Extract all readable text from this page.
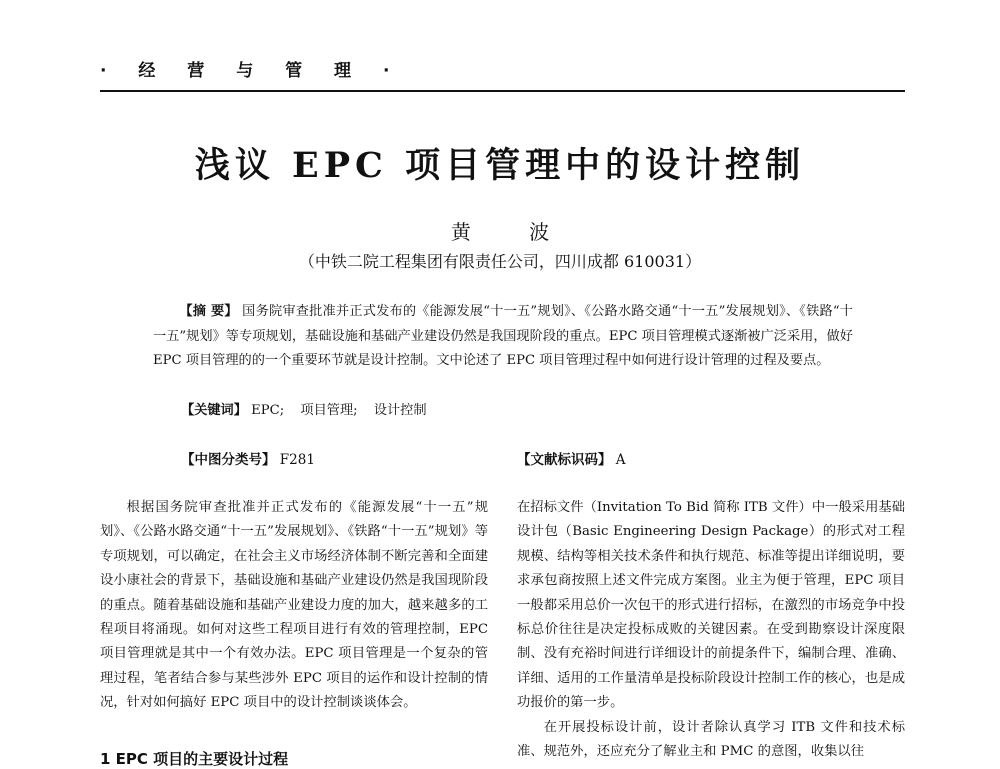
· 经 营 与 管 理 ·
浅议 EPC 项目管理中的设计控制
黄 波
（中铁二院工程集团有限责任公司，四川成都 610031）
【摘 要】 国务院审查批准并正式发布的《能源发展“十一五”规划》、《公路水路交通“十一五”发展规划》、《铁路“十一五”规划》等专项规划，基础设施和基础产业建设仍然是我国现阶段的重点。EPC 项目管理模式逐渐被广泛采用，做好 EPC 项目管理的的一个重要环节就是设计控制。文中论述了 EPC 项目管理过程中如何进行设计管理的过程及要点。
【关键词】 EPC; 项目管理; 设计控制
【中图分类号】 F281	【文献标识码】 A

根据国务院审查批准并正式发布的《能源发展“十一五”规划》、《公路水路交通“十一五”发展规划》、《铁路“十一五”规划》等专项规划，可以确定，在社会主义市场经济体制不断完善和全面建设小康社会的背景下，基础设施和基础产业建设仍然是我国现阶段的重点。随着基础设施和基础产业建设力度的加大，越来越多的工程项目将涌现。如何对这些工程项目进行有效的管理控制，EPC 项目管理就是其中一个有效办法。EPC 项目管理是一个复杂的管理过程，笔者结合参与某些涉外 EPC 项目的运作和设计控制的情况，针对如何搞好 EPC 项目中的设计控制谈谈体会。

1 EPC 项目的主要设计过程

在招标文件（Invitation To Bid 简称 ITB 文件）中一般采用基础设计包（Basic Engineering Design Package）的形式对工程规模、结构等相关技术条件和执行规范、标准等提出详细说明，要求承包商按照上述文件完成方案图。业主为便于管理，EPC 项目一般都采用总价一次包干的形式进行招标，在激烈的市场竞争中投标总价往往是决定投标成败的关键因素。在受到勘察设计深度限制、没有充裕时间进行详细设计的前提条件下，编制合理、准确、详细、适用的工作量清单是投标阶段设计控制工作的核心，也是成功报价的第一步。

在开展投标设计前，设计者除认真学习 ITB 文件和技术标准、规范外，还应充分了解业主和 PMC 的意图，收集以往
